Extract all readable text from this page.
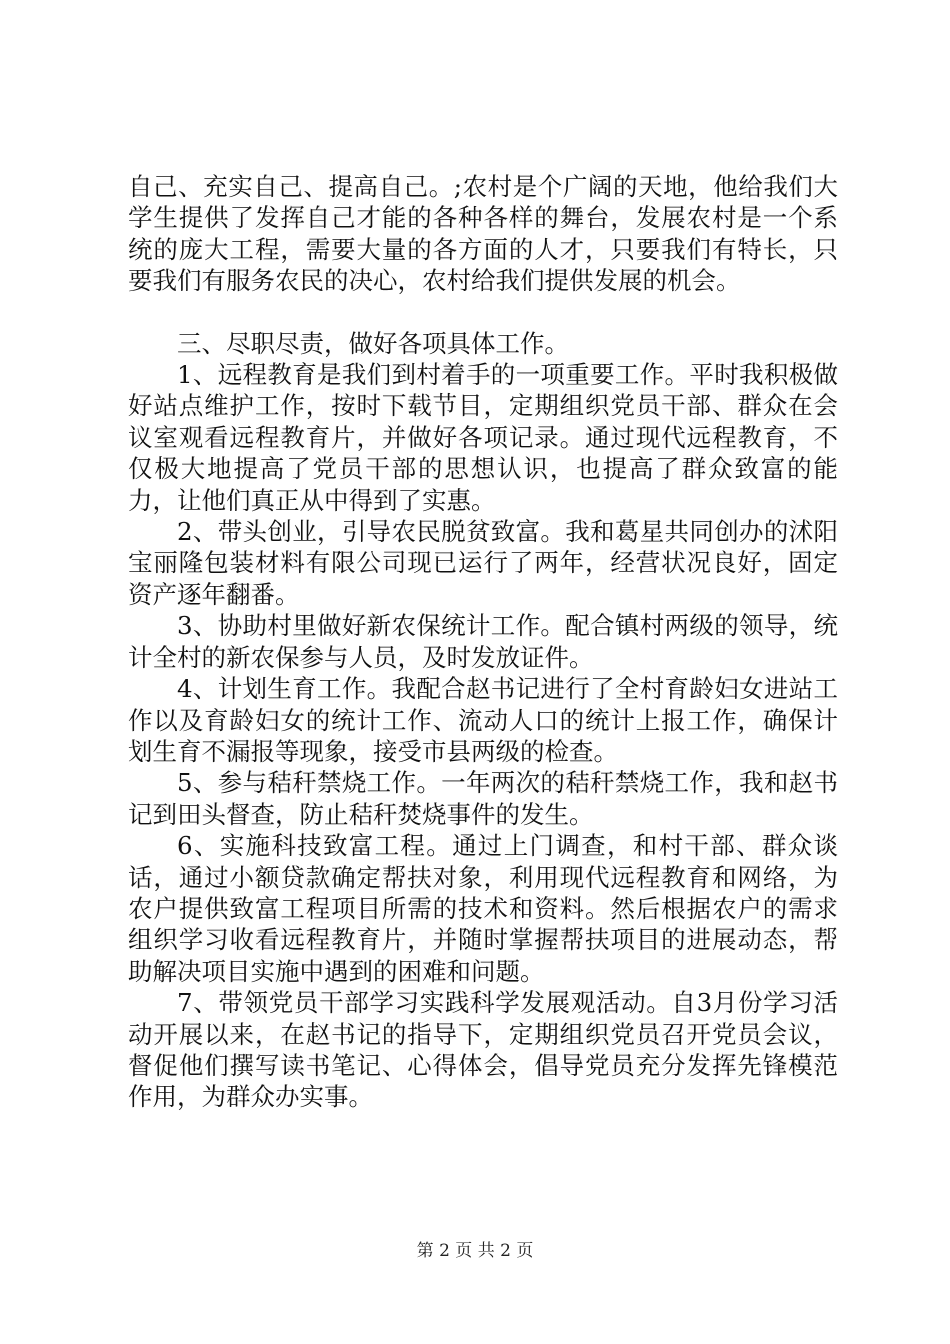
自己、充实自己、提高自己。;农村是个广阔的天地，他给我们大学生提供了发挥自己才能的各种各样的舞台，发展农村是一个系统的庞大工程，需要大量的各方面的人才，只要我们有特长，只要我们有服务农民的决心，农村给我们提供发展的机会。

三、尽职尽责，做好各项具体工作。

1、远程教育是我们到村着手的一项重要工作。平时我积极做好站点维护工作，按时下载节目，定期组织党员干部、群众在会议室观看远程教育片，并做好各项记录。通过现代远程教育，不仅极大地提高了党员干部的思想认识，也提高了群众致富的能力，让他们真正从中得到了实惠。

2、带头创业，引导农民脱贫致富。我和葛星共同创办的沭阳宝丽隆包装材料有限公司现已运行了两年，经营状况良好，固定资产逐年翻番。

3、协助村里做好新农保统计工作。配合镇村两级的领导，统计全村的新农保参与人员，及时发放证件。

4、计划生育工作。我配合赵书记进行了全村育龄妇女进站工作以及育龄妇女的统计工作、流动人口的统计上报工作，确保计划生育不漏报等现象，接受市县两级的检查。

5、参与秸秆禁烧工作。一年两次的秸秆禁烧工作，我和赵书记到田头督查，防止秸秆焚烧事件的发生。

6、实施科技致富工程。通过上门调查，和村干部、群众谈话，通过小额贷款确定帮扶对象，利用现代远程教育和网络，为农户提供致富工程项目所需的技术和资料。然后根据农户的需求组织学习收看远程教育片，并随时掌握帮扶项目的进展动态，帮助解决项目实施中遇到的困难和问题。

7、带领党员干部学习实践科学发展观活动。自3月份学习活动开展以来，在赵书记的指导下，定期组织党员召开党员会议，督促他们撰写读书笔记、心得体会，倡导党员充分发挥先锋模范作用，为群众办实事。

第 2 页 共 2 页
